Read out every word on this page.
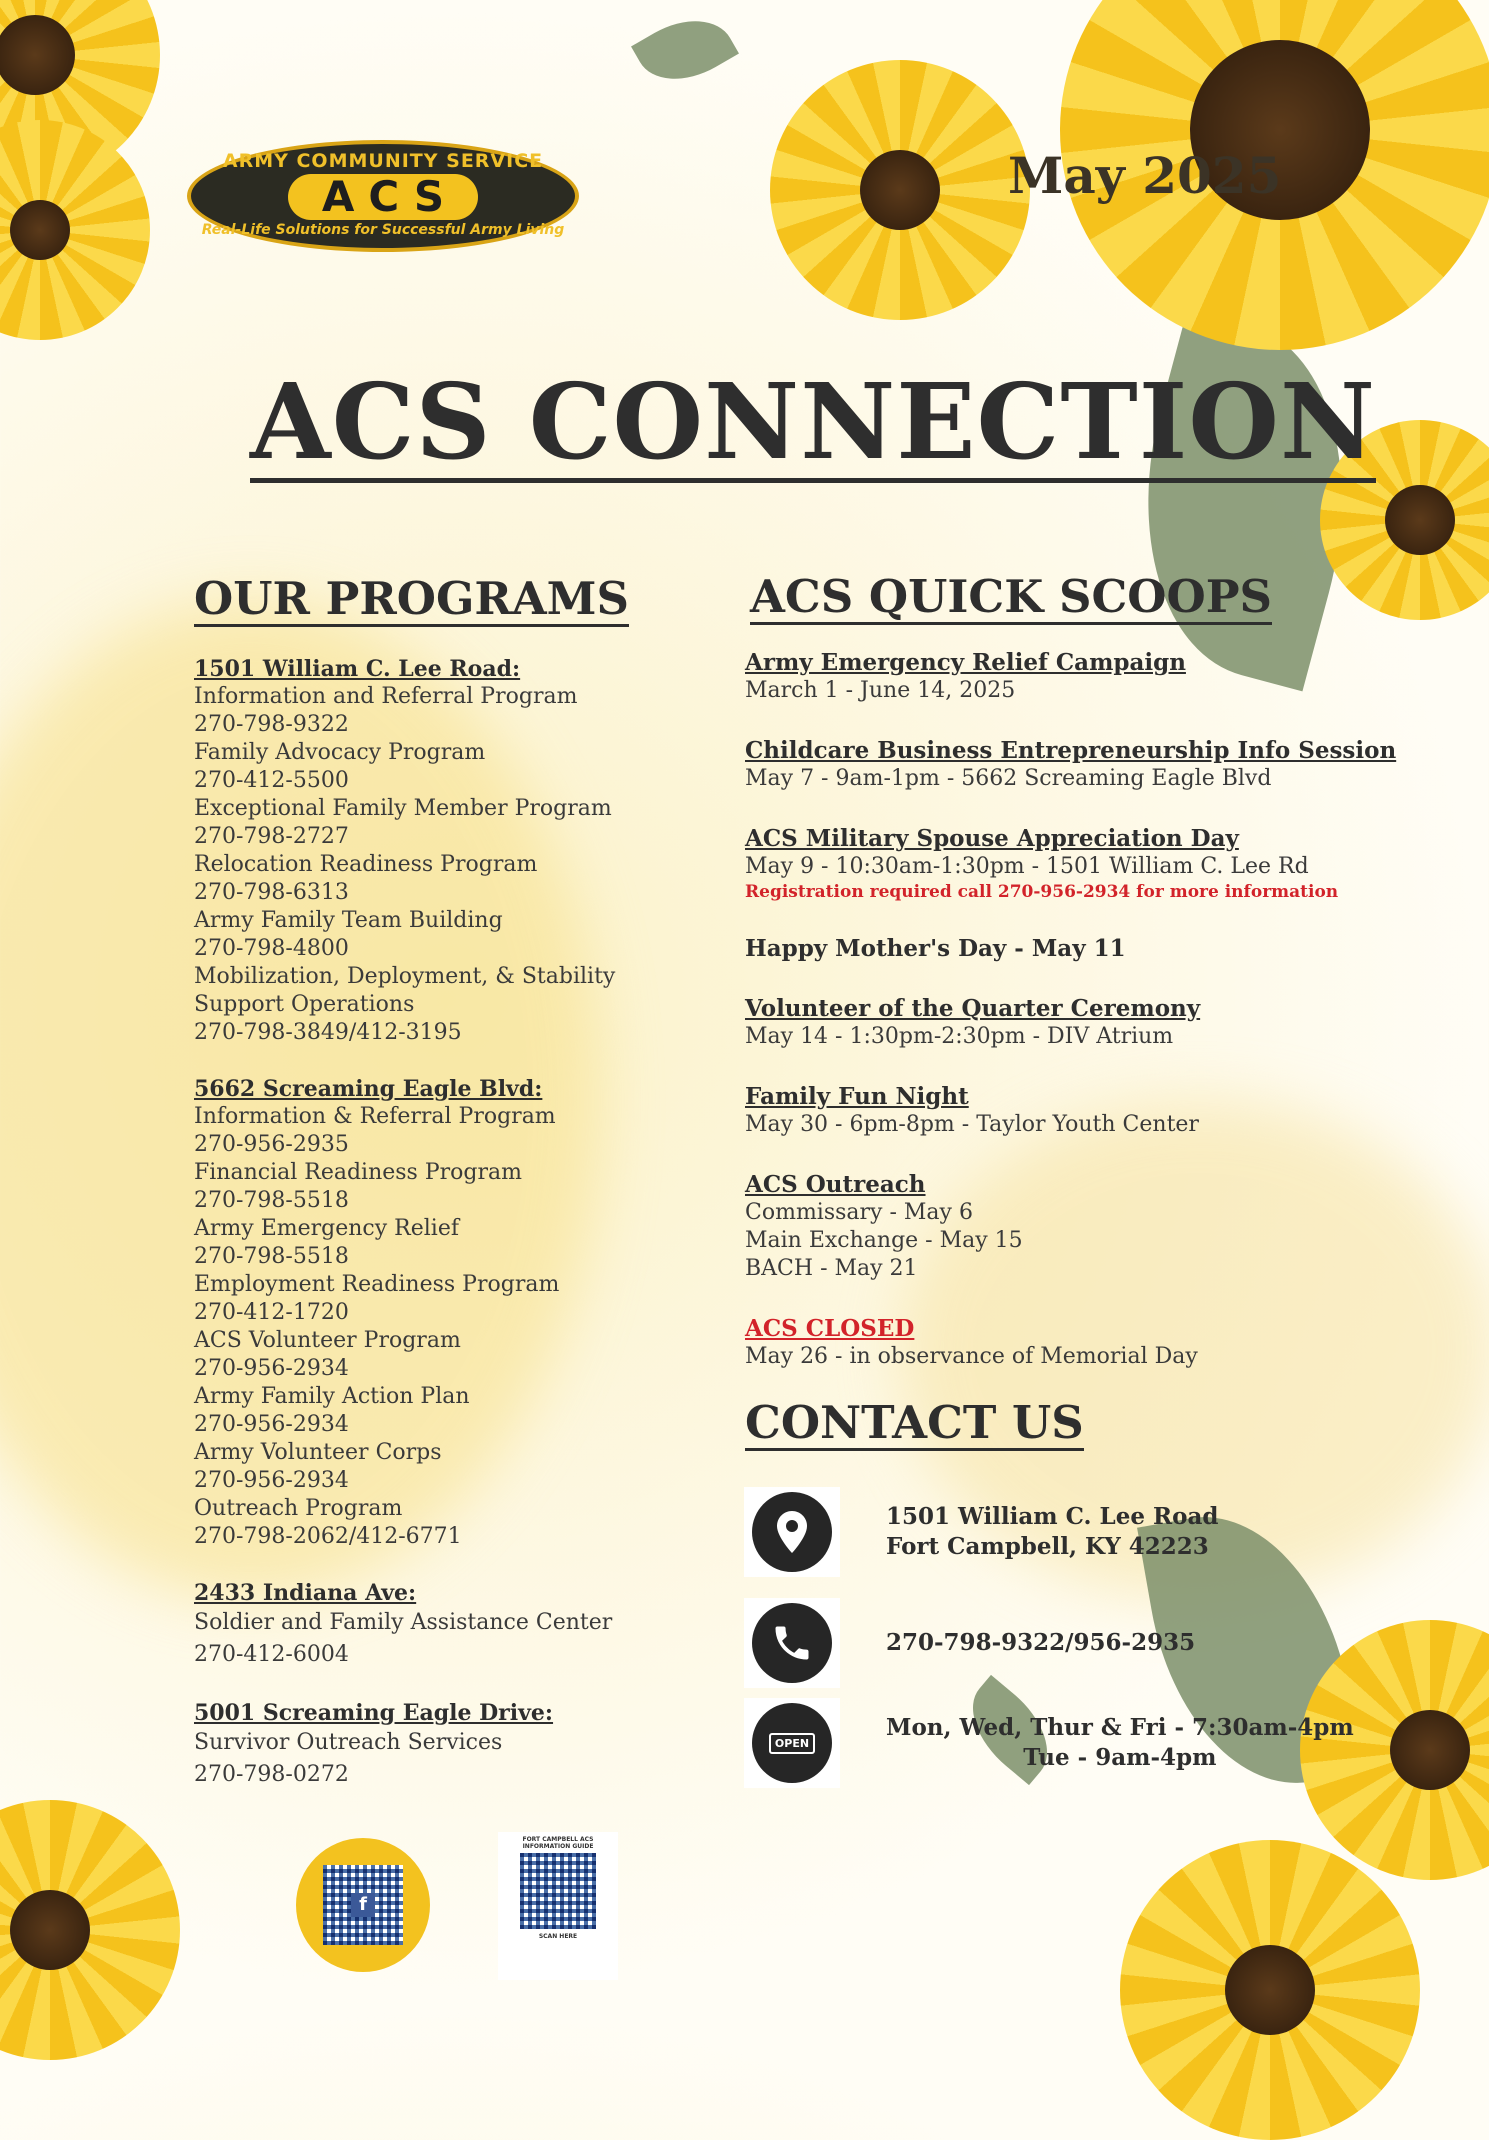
ARMY COMMUNITY SERVICE
ACS
Real-Life Solutions for Successful Army Living
May 2025
ACS CONNECTION
OUR PROGRAMS	ACS QUICK SCOOPS
1501 William C. Lee Road:
Information and Referral Program
270-798-9322
Family Advocacy Program
270-412-5500
Exceptional Family Member Program
270-798-2727
Relocation Readiness Program
270-798-6313
Army Family Team Building
270-798-4800
Mobilization, Deployment, & Stability
Support Operations
270-798-3849/412-3195
5662 Screaming Eagle Blvd:
Information & Referral Program
270-956-2935
Financial Readiness Program
270-798-5518
Army Emergency Relief
270-798-5518
Employment Readiness Program
270-412-1720
ACS Volunteer Program
270-956-2934
Army Family Action Plan
270-956-2934
Army Volunteer Corps
270-956-2934
Outreach Program
270-798-2062/412-6771
2433 Indiana Ave:
Soldier and Family Assistance Center
270-412-6004
5001 Screaming Eagle Drive:
Survivor Outreach Services
270-798-0272
Army Emergency Relief Campaign
March 1 - June 14, 2025
Childcare Business Entrepreneurship Info Session
May 7 - 9am-1pm - 5662 Screaming Eagle Blvd
ACS Military Spouse Appreciation Day
May 9 - 10:30am-1:30pm - 1501 William C. Lee Rd
Registration required call 270-956-2934 for more information
Happy Mother's Day - May 11
Volunteer of the Quarter Ceremony
May 14 - 1:30pm-2:30pm - DIV Atrium
Family Fun Night
May 30 - 6pm-8pm - Taylor Youth Center
ACS Outreach
Commissary - May 6
Main Exchange - May 15
BACH - May 21
ACS CLOSED
May 26 - in observance of Memorial Day
CONTACT US
1501 William C. Lee Road
Fort Campbell, KY 42223
270-798-9322/956-2935
OPEN
Mon, Wed, Thur & Fri - 7:30am-4pm
Tue - 9am-4pm
f
FORT CAMPBELL ACS INFORMATION GUIDE
SCAN HERE
